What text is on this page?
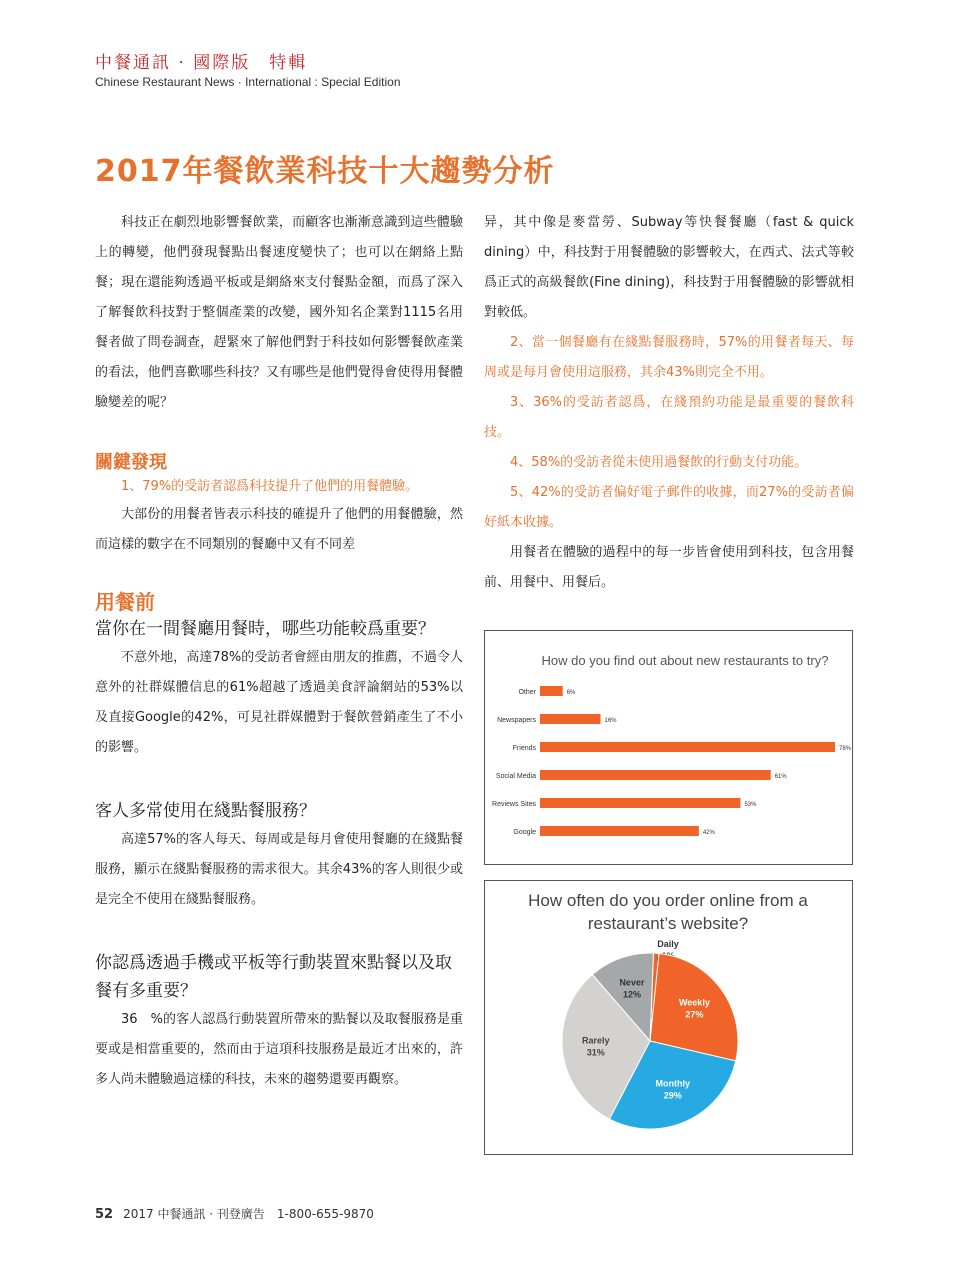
中餐通訊 · 國際版　特輯
Chinese Restaurant News · International : Special Edition
2017年餐飲業科技十大趨勢分析

科技正在劇烈地影響餐飲業，而顧客也漸漸意識到這些體驗上的轉變，他們發現餐點出餐速度變快了；也可以在網絡上點餐；現在還能夠透過平板或是網絡來支付餐點金額，而爲了深入了解餐飲科技對于整個產業的改變，國外知名企業對1115名用餐者做了問卷調查，趕緊來了解他們對于科技如何影響餐飲產業的看法，他們喜歡哪些科技？又有哪些是他們覺得會使得用餐體驗變差的呢？

關鍵發現

1、79%的受訪者認爲科技提升了他們的用餐體驗。

大部份的用餐者皆表示科技的確提升了他們的用餐體驗，然而這樣的數字在不同類別的餐廳中又有不同差

用餐前

當你在一間餐廳用餐時，哪些功能較爲重要？

不意外地，高達78%的受訪者會經由朋友的推薦，不過令人意外的社群媒體信息的61%超越了透過美食評論網站的53%以及直接Google的42%，可見社群媒體對于餐飲營銷產生了不小的影響。

客人多常使用在綫點餐服務？

高達57%的客人每天、每周或是每月會使用餐廳的在綫點餐服務，顯示在綫點餐服務的需求很大。其余43%的客人則很少或是完全不使用在綫點餐服務。

你認爲透過手機或平板等行動裝置來點餐以及取餐有多重要？

36　%的客人認爲行動裝置所帶來的點餐以及取餐服務是重要或是相當重要的，然而由于這項科技服務是最近才出來的，許多人尚未體驗過這樣的科技，未來的趨勢還要再觀察。

异，其中像是麥當勞、Subway等快餐餐廳（fast & quick dining）中，科技對于用餐體驗的影響較大，在西式、法式等較爲正式的高級餐飲(Fine dining)，科技對于用餐體驗的影響就相對較低。

2、當一個餐廳有在綫點餐服務時，57%的用餐者每天、每周或是每月會使用這服務，其余43%則完全不用。

3、36%的受訪者認爲，在綫預約功能是最重要的餐飲科技。

4、58%的受訪者從未使用過餐飲的行動支付功能。

5、42%的受訪者偏好電子郵件的收據，而27%的受訪者偏好紙本收據。

用餐者在體驗的過程中的每一步皆會使用到科技，包含用餐前、用餐中、用餐后。

How do you find out about new restaurants to try?
Other	6%
Newspapers	16%
Friends	78%
Social Media	61%
Reviews Sites	53%
Google	42%
How often do you order online from a
restaurant’s website?
Daily
Weekly
27%
Monthly
29%
Rarely
31%
Never
12%
52 2017 中餐通訊 · 刊登廣告　1-800-655-9870
